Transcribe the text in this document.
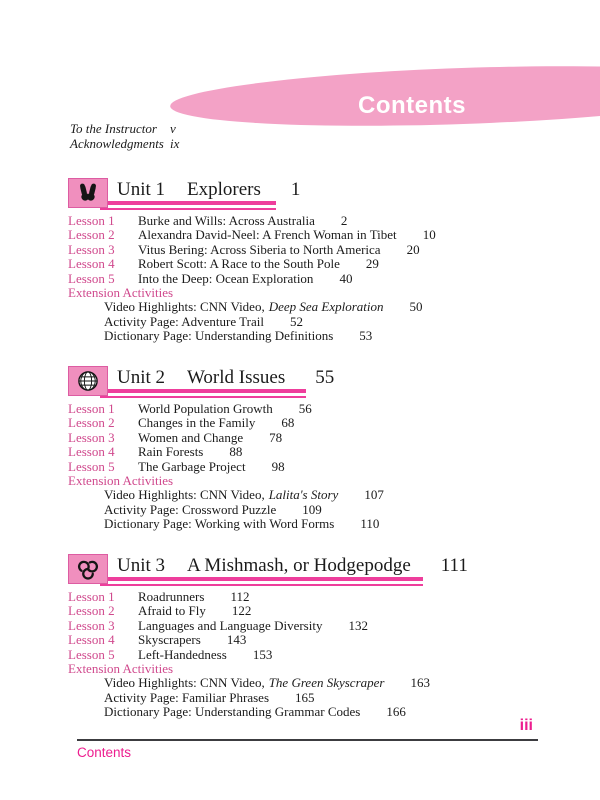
Contents
To the Instructor v
Acknowledgments ix
Unit 1 Explorers 1
Lesson 1 Burke and Wills: Across Australia 2
Lesson 2 Alexandra David-Neel: A French Woman in Tibet 10
Lesson 3 Vitus Bering: Across Siberia to North America 20
Lesson 4 Robert Scott: A Race to the South Pole 29
Lesson 5 Into the Deep: Ocean Exploration 40
Extension Activities
Video Highlights: CNN Video, Deep Sea Exploration 50
Activity Page: Adventure Trail 52
Dictionary Page: Understanding Definitions 53
Unit 2 World Issues 55
Lesson 1 World Population Growth 56
Lesson 2 Changes in the Family 68
Lesson 3 Women and Change 78
Lesson 4 Rain Forests 88
Lesson 5 The Garbage Project 98
Extension Activities
Video Highlights: CNN Video, Lalita's Story 107
Activity Page: Crossword Puzzle 109
Dictionary Page: Working with Word Forms 110
Unit 3 A Mishmash, or Hodgepodge 111
Lesson 1 Roadrunners 112
Lesson 2 Afraid to Fly 122
Lesson 3 Languages and Language Diversity 132
Lesson 4 Skyscrapers 143
Lesson 5 Left-Handedness 153
Extension Activities
Video Highlights: CNN Video, The Green Skyscraper 163
Activity Page: Familiar Phrases 165
Dictionary Page: Understanding Grammar Codes 166
iii
Contents
